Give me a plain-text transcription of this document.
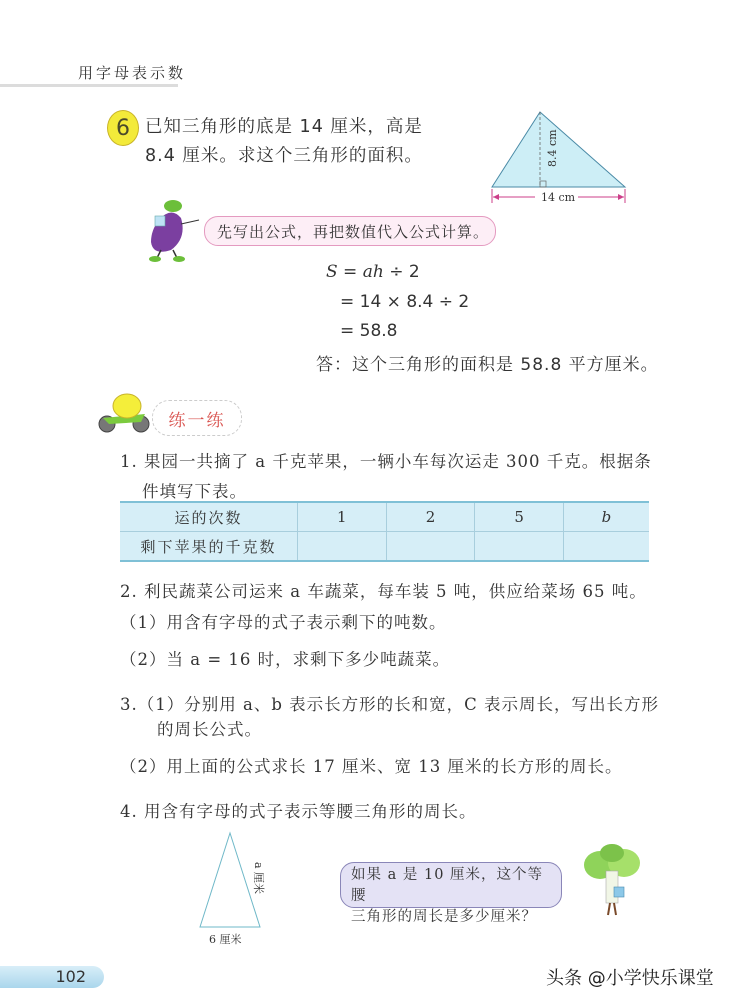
用字母表示数
6 已知三角形的底是 14 厘米，高是
8.4 厘米。求这个三角形的面积。	8.4 cm
14 cm
先写出公式，再把数值代入公式计算。
S = ah ÷ 2
= 14 × 8.4 ÷ 2
= 58.8
答：这个三角形的面积是 58.8 平方厘米。
练一练
1. 果园一共摘了 a 千克苹果，一辆小车每次运走 300 千克。根据条
件填写下表。
运的次数	1	2	5	b
剩下苹果的千克数				
2. 利民蔬菜公司运来 a 车蔬菜，每车装 5 吨，供应给菜场 65 吨。
（1）用含有字母的式子表示剩下的吨数。
（2）当 a = 16 时，求剩下多少吨蔬菜。
3.（1）分别用 a、b 表示长方形的长和宽，C 表示周长，写出长方形
的周长公式。
（2）用上面的公式求长 17 厘米、宽 13 厘米的长方形的周长。
4. 用含有字母的式子表示等腰三角形的周长。
a 厘米
6 厘米
如果 a 是 10 厘米，这个等腰
三角形的周长是多少厘米？
102	头条 @小学快乐课堂
